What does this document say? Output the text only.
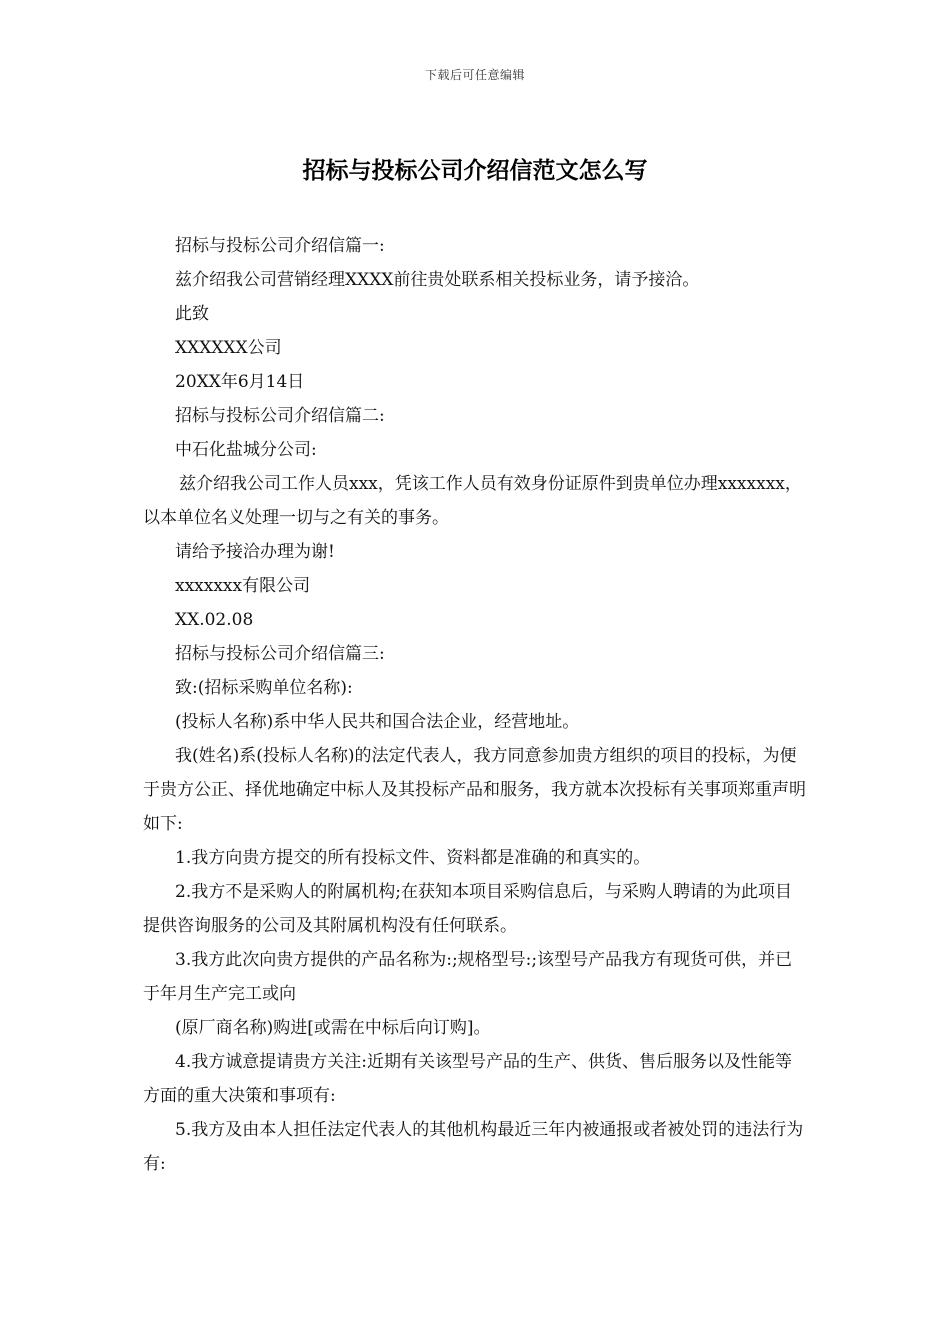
下载后可任意编辑
招标与投标公司介绍信范文怎么写

招标与投标公司介绍信篇一:

兹介绍我公司营销经理XXXX前往贵处联系相关投标业务，请予接洽。

此致

XXXXXX公司

20XX年6月14日

招标与投标公司介绍信篇二:

中石化盐城分公司:

兹介绍我公司工作人员xxx，凭该工作人员有效身份证原件到贵单位办理xxxxxxx，以本单位名义处理一切与之有关的事务。

请给予接洽办理为谢!

xxxxxxx有限公司

XX.02.08

招标与投标公司介绍信篇三:

致:(招标采购单位名称):

(投标人名称)系中华人民共和国合法企业，经营地址。

我(姓名)系(投标人名称)的法定代表人，我方同意参加贵方组织的项目的投标，为便于贵方公正、择优地确定中标人及其投标产品和服务，我方就本次投标有关事项郑重声明如下:

1.我方向贵方提交的所有投标文件、资料都是准确的和真实的。

2.我方不是采购人的附属机构;在获知本项目采购信息后，与采购人聘请的为此项目提供咨询服务的公司及其附属机构没有任何联系。

3.我方此次向贵方提供的产品名称为:;规格型号:;该型号产品我方有现货可供，并已于年月生产完工或向

(原厂商名称)购进[或需在中标后向订购]。

4.我方诚意提请贵方关注:近期有关该型号产品的生产、供货、售后服务以及性能等方面的重大决策和事项有:

5.我方及由本人担任法定代表人的其他机构最近三年内被通报或者被处罚的违法行为有:
